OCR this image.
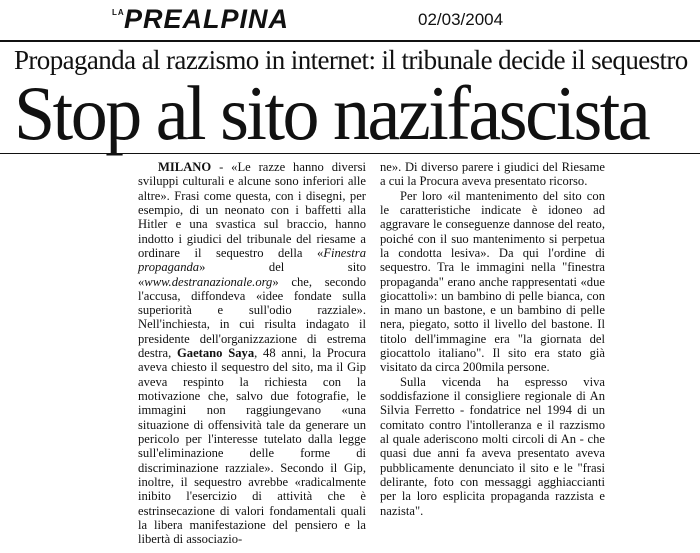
LA PREALPINA	02/03/2004
Propaganda al razzismo in internet: il tribunale decide il sequestro
Stop al sito nazifascista

MILANO - «Le razze hanno diversi sviluppi culturali e alcune sono inferiori alle altre». Frasi come questa, con i disegni, per esempio, di un neonato con i baffetti alla Hitler e una svastica sul braccio, hanno indotto i giudici del tribunale del riesame a ordinare il sequestro della «Finestra propaganda» del sito «www.destranazionale.org» che, secondo l'accusa, diffondeva «idee fondate sulla superiorità e sull'odio razziale». Nell'inchiesta, in cui risulta indagato il presidente dell'organizzazione di estrema destra, Gaetano Saya, 48 anni, la Procura aveva chiesto il sequestro del sito, ma il Gip aveva respinto la richiesta con la motivazione che, salvo due fotografie, le immagini non raggiungevano «una situazione di offensività tale da generare un pericolo per l'interesse tutelato dalla legge sull'eliminazione delle forme di discriminazione razziale». Secondo il Gip, inoltre, il sequestro avrebbe «radicalmente inibito l'esercizio di attività che è estrinsecazione di valori fondamentali quali la libera manifestazione del pensiero e la libertà di associazio-

ne». Di diverso parere i giudici del Riesame a cui la Procura aveva presentato ricorso.

Per loro «il mantenimento del sito con le caratteristiche indicate è idoneo ad aggravare le conseguenze dannose del reato, poiché con il suo mantenimento si perpetua la condotta lesiva». Da qui l'ordine di sequestro. Tra le immagini nella "finestra propaganda" erano anche rappresentati «due giocattoli»: un bambino di pelle bianca, con in mano un bastone, e un bambino di pelle nera, piegato, sotto il livello del bastone. Il titolo dell'immagine era "la giornata del giocattolo italiano". Il sito era stato già visitato da circa 200mila persone.

Sulla vicenda ha espresso viva soddisfazione il consigliere regionale di An Silvia Ferretto - fondatrice nel 1994 di un comitato contro l'intolleranza e il razzismo al quale aderiscono molti circoli di An - che quasi due anni fa aveva presentato aveva pubblicamente denunciato il sito e le "frasi delirante, foto con messaggi agghiaccianti per la loro esplicita propaganda razzista e nazista".
